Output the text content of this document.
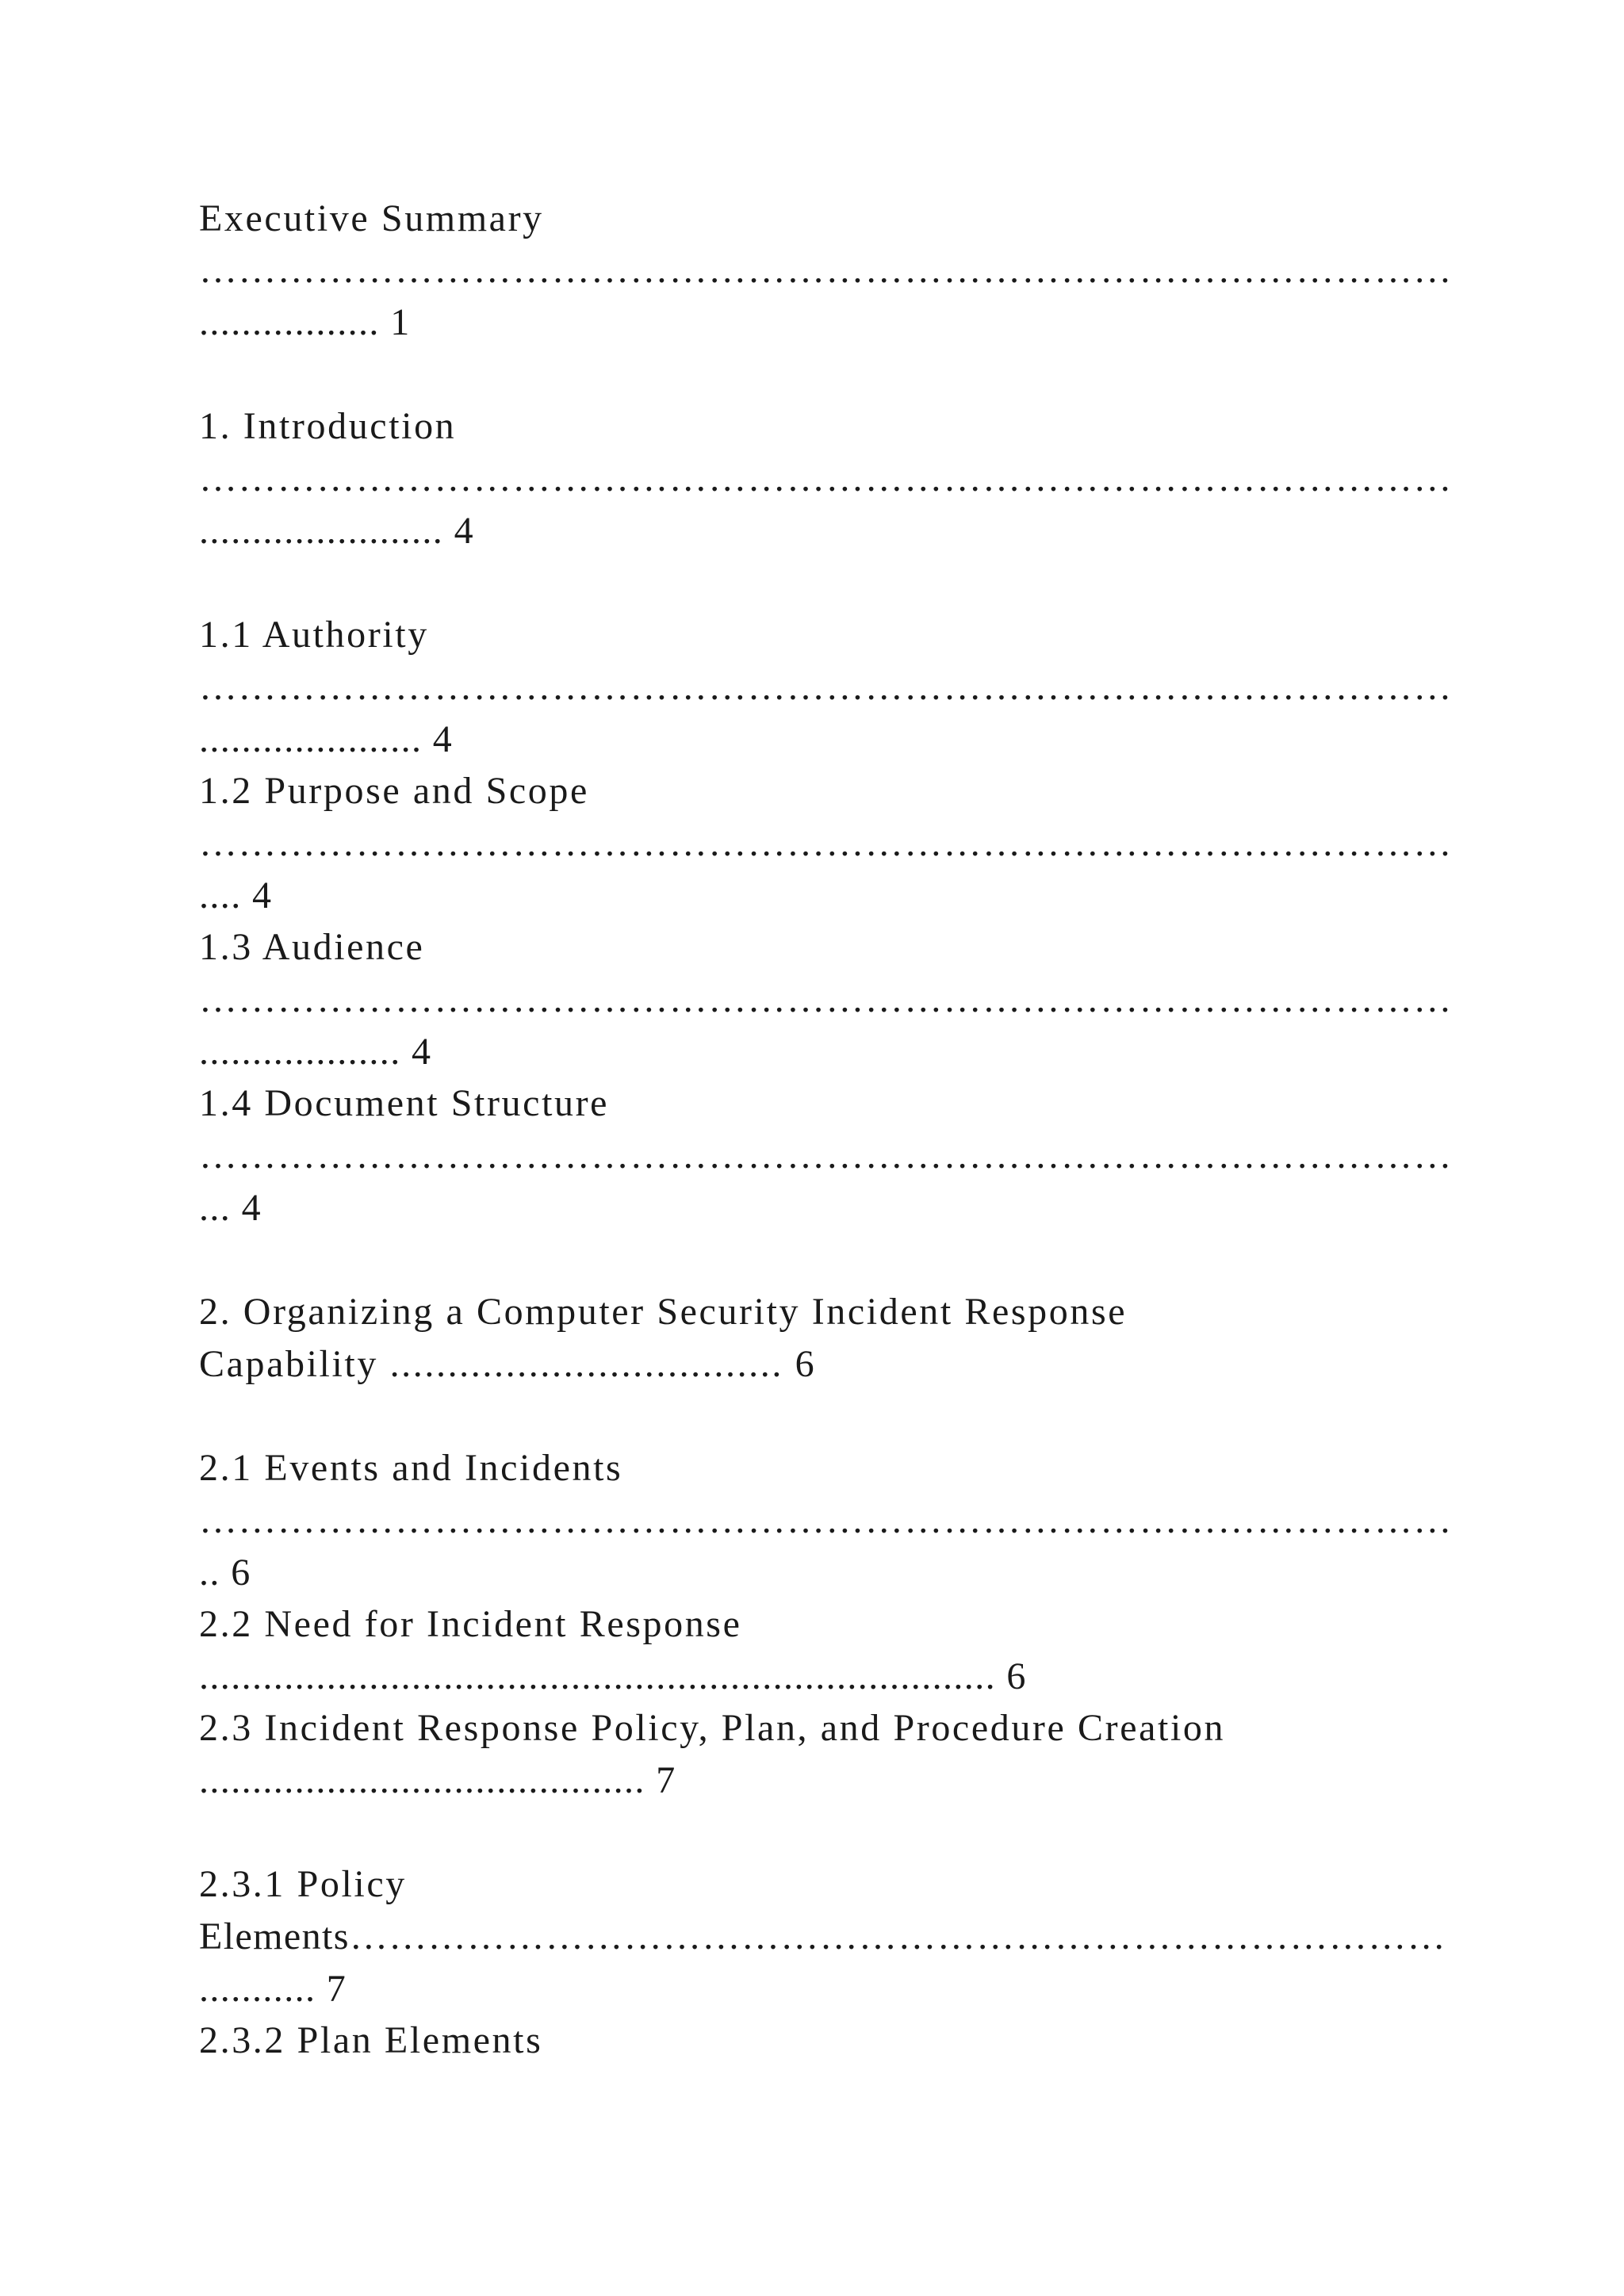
Executive Summary

……………………………………………………………………………………

................. 1

1. Introduction

……………………………………………………………………………………

....................... 4

1.1 Authority

……………………………………………………………………………………

..................... 4

1.2 Purpose and Scope

……………………………………………………………………………………

.... 4

1.3 Audience

……………………………………………………………………………………

................... 4

1.4 Document Structure

……………………………………………………………………………………

... 4

2. Organizing a Computer Security Incident Response

Capability .................................. 6

2.1 Events and Incidents

……………………………………………………………………………………

.. 6

2.2 Need for Incident Response

........................................................................... 6

2.3 Incident Response Policy, Plan, and Procedure Creation

.......................................... 7

2.3.1 Policy

Elements…………………………………………………………………………

........... 7

2.3.2 Plan Elements
